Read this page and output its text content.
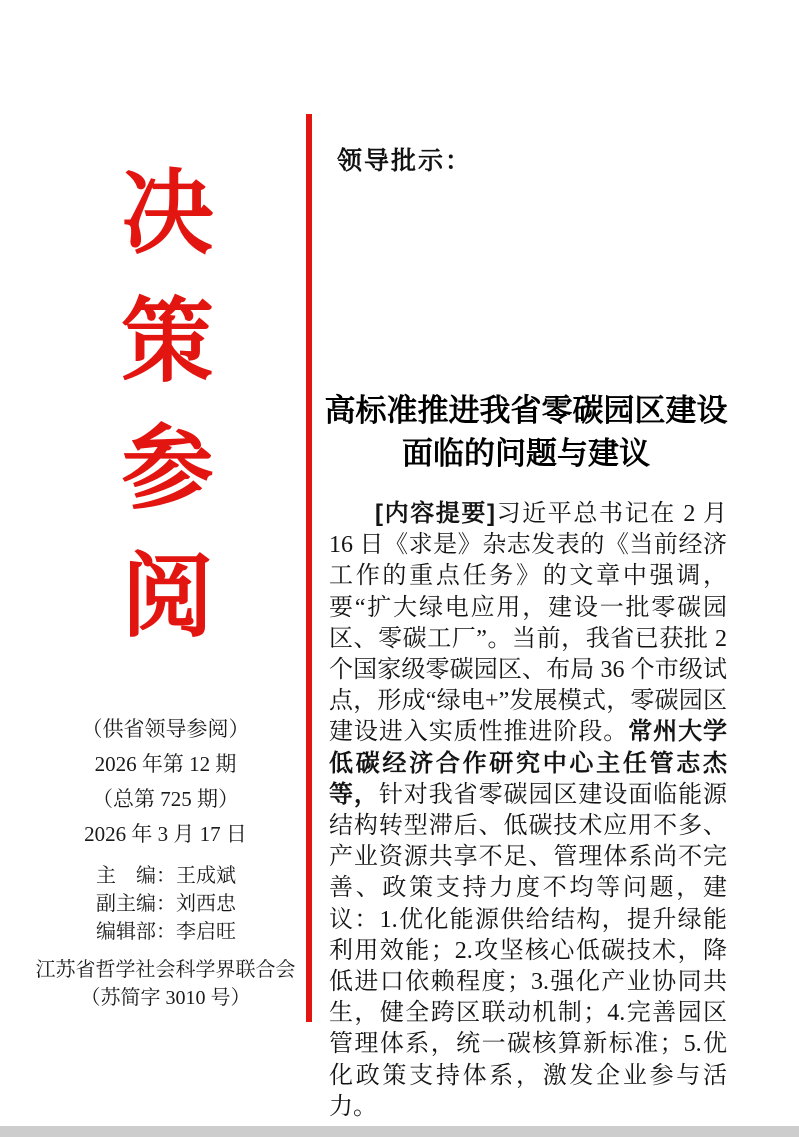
决
策
参
阅
（供省领导参阅）
2026 年第 12 期
（总第 725 期）
2026 年 3 月 17 日
主　编：王成斌
副主编：刘西忠
编辑部：李启旺
江苏省哲学社会科学界联合会
（苏简字 3010 号）
领导批示：
高标准推进我省零碳园区建设
面临的问题与建议

[内容提要]习近平总书记在 2 月 16 日《求是》杂志发表的《当前经济工作的重点任务》的文章中强调，要“扩大绿电应用，建设一批零碳园区、零碳工厂”。当前，我省已获批 2 个国家级零碳园区、布局 36 个市级试点，形成“绿电+”发展模式，零碳园区建设进入实质性推进阶段。常州大学低碳经济合作研究中心主任管志杰等，针对我省零碳园区建设面临能源结构转型滞后、低碳技术应用不多、产业资源共享不足、管理体系尚不完善、政策支持力度不均等问题，建议：1.优化能源供给结构，提升绿能利用效能；2.攻坚核心低碳技术，降低进口依赖程度；3.强化产业协同共生，健全跨区联动机制；4.完善园区管理体系，统一碳核算新标准；5.优化政策支持体系，激发企业参与活力。
